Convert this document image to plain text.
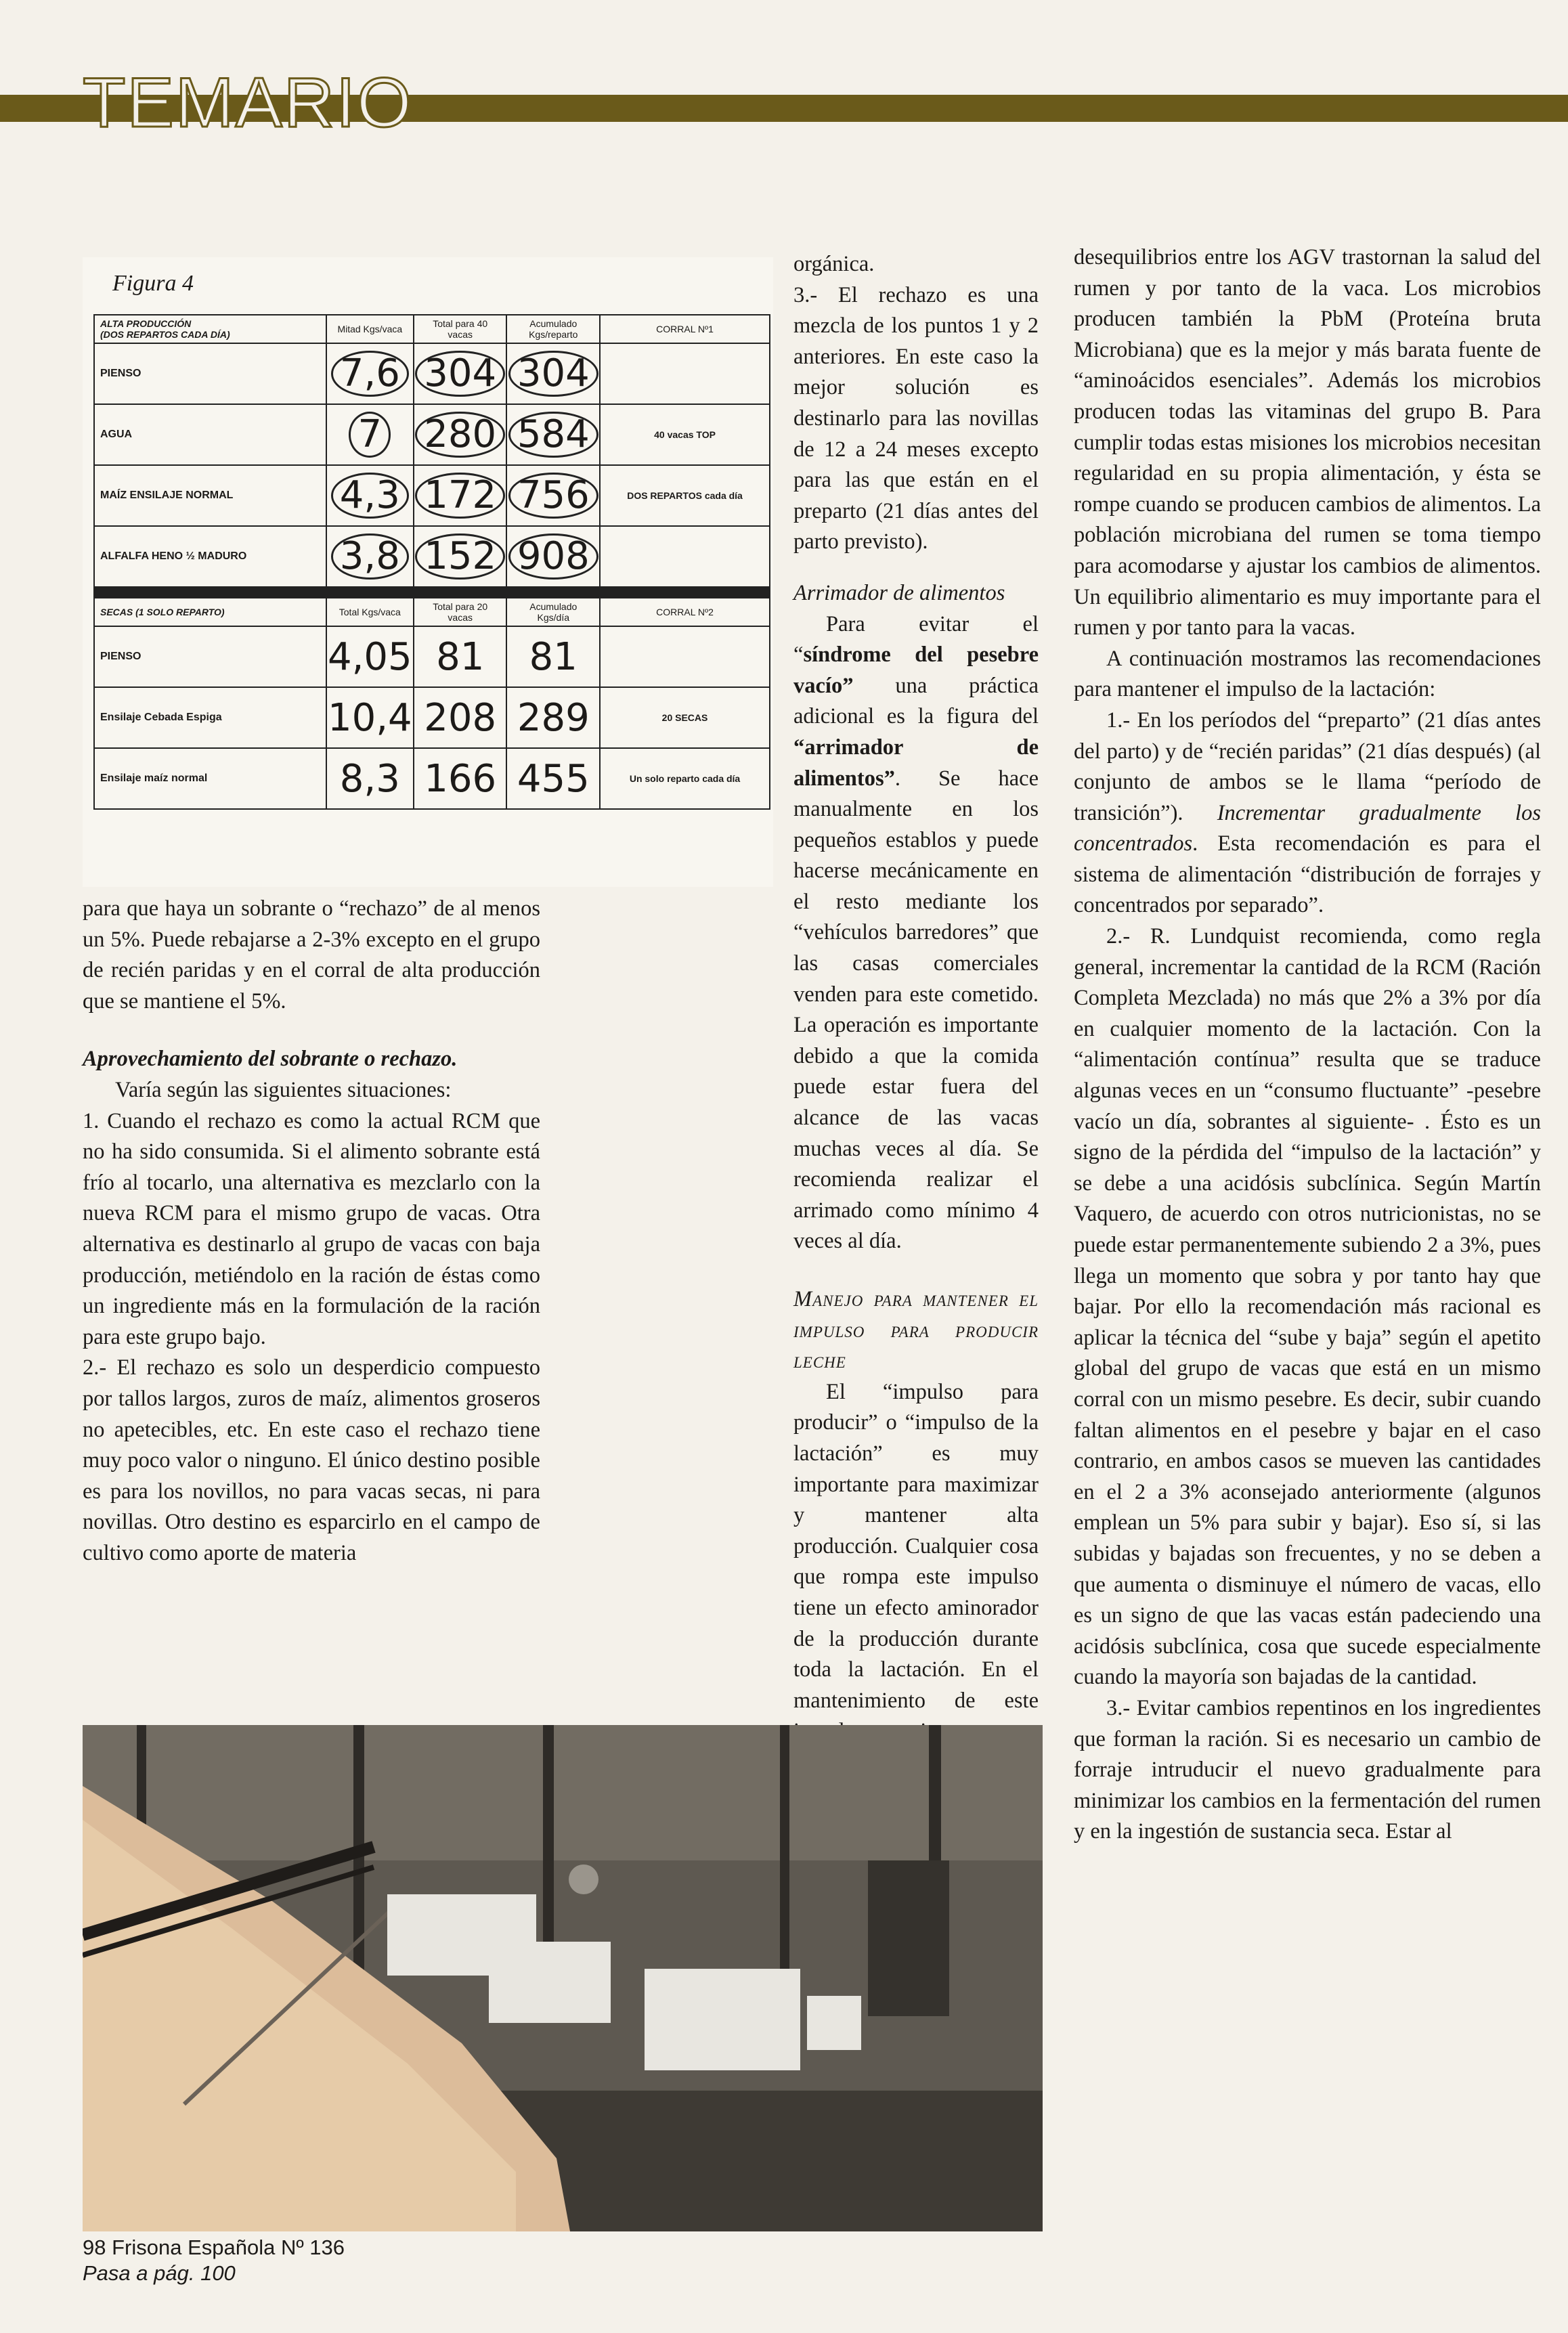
TEMARIO
Figura 4
ALTA PRODUCCIÓN
(DOS REPARTOS CADA DÍA)	Mitad Kgs/vaca	Total para 40 vacas	Acumulado Kgs/reparto	CORRAL Nº1
PIENSO	7,6	304	304	
AGUA	7	280	584	40 vacas TOP
MAÍZ ENSILAJE NORMAL	4,3	172	756	DOS REPARTOS cada día
ALFALFA HENO ½ MADURO	3,8	152	908	

SECAS (1 SOLO REPARTO)	Total Kgs/vaca	Total para 20 vacas	Acumulado Kgs/día	CORRAL Nº2
PIENSO	4,05	81	81	
Ensilaje Cebada Espiga	10,4	208	289	20 SECAS
Ensilaje maíz normal	8,3	166	455	Un solo reparto cada día

para que haya un sobrante o “rechazo” de al menos un 5%. Puede rebajarse a 2-3% excepto en el grupo de recién paridas y en el corral de alta producción que se mantiene el 5%.

Aprovechamiento del sobrante o rechazo.

Varía según las siguientes situaciones:

1. Cuando el rechazo es como la actual RCM que no ha sido consumida. Si el alimento sobrante está frío al tocarlo, una alternativa es mezclarlo con la nueva RCM para el mismo grupo de vacas. Otra alternativa es destinarlo al grupo de vacas con baja producción, metiéndolo en la ración de éstas como un ingrediente más en la formulación de la ración para este grupo bajo.

2.- El rechazo es solo un desperdicio compuesto por tallos largos, zuros de maíz, alimentos groseros no apetecibles, etc. En este caso el rechazo tiene muy poco valor o ninguno. El único destino posible es para los novillos, no para vacas secas, ni para novillas. Otro destino es esparcirlo en el campo de cultivo como aporte de materia

orgánica.

3.- El rechazo es una mezcla de los puntos 1 y 2 anteriores. En este caso la mejor solución es destinarlo para las novillas de 12 a 24 meses excepto para las que están en el preparto (21 días antes del parto previsto).

Arrimador de alimentos

Para evitar el “síndrome del pesebre vacío” una práctica adicional es la figura del “arrimador de alimentos”. Se hace manualmente en los pequeños establos y puede hacerse mecánicamente en el resto mediante los “vehículos barredores” que las casas comerciales venden para este cometido. La operación es importante debido a que la comida puede estar fuera del alcance de las vacas muchas veces al día. Se recomienda realizar el arrimado como mínimo 4 veces al día.

Manejo para mantener el impulso para producir leche

El “impulso para producir” o “impulso de la lactación” es muy importante para maximizar y mantener alta producción. Cualquier cosa que rompa este impulso tiene un efecto aminorador de la producción durante toda la lactación. En el mantenimiento de este

desequilibrios entre los AGV trastornan la salud del rumen y por tanto de la vaca. Los microbios producen también la PbM (Proteína bruta Microbiana) que es la mejor y más barata fuente de “aminoácidos esenciales”. Además los microbios producen todas las vitaminas del grupo B. Para cumplir todas estas misiones los microbios necesitan regularidad en su propia alimentación, y ésta se rompe cuando se producen cambios de alimentos. La población microbiana del rumen se toma tiempo para acomodarse y ajustar los cambios de alimentos. Un equilibrio alimentario es muy importante para el rumen y por tanto para la vacas.

A continuación mostramos las recomendaciones para mantener el impulso de la lactación:

1.- En los períodos del “preparto” (21 días antes del parto) y de “recién paridas” (21 días después) (al conjunto de ambos se le llama “período de transición”). Incrementar gradualmente los concentrados. Esta recomendación es para el sistema de alimentación “distribución de forrajes y concentrados por separado”.

2.- R. Lundquist recomienda, como regla general, incrementar la cantidad de la RCM (Ración Completa Mezclada) no más que 2% a 3% por día en cualquier momento de la lactación. Con la “alimentación contínua” resulta que se traduce algunas veces en un “consumo fluctuante” -pesebre vacío un día, sobrantes al siguiente- . Ésto es un signo de la pérdida del “impulso de la lactación” y se debe a una acidósis subclínica. Según Martín Vaquero, de acuerdo con otros nutricionistas, no se puede estar permanentemente subiendo 2 a 3%, pues llega un momento que sobra y por tanto hay que bajar. Por ello la recomendación más racional es aplicar la técnica del “sube y baja” según el apetito global del grupo de vacas que está en un mismo corral con un mismo pesebre. Es decir, subir cuando faltan alimentos en el pesebre y bajar en el caso contrario, en ambos casos se mueven las cantidades en el 2 a 3% aconsejado anteriormente (algunos emplean un 5% para subir y bajar). Eso sí, si las subidas y bajadas son frecuentes, y no se deben a que aumenta o disminuye el número de vacas, ello es un signo de que las vacas están padeciendo una acidósis subclínica, cosa que sucede especialmente cuando la mayoría son bajadas de la cantidad.

3.- Evitar cambios repentinos en los ingredientes que forman la ración. Si es necesario un cambio de forraje intruducir el nuevo gradualmente para minimizar los cambios en la fermentación del rumen y en la ingestión de sustancia seca. Estar al

98 Frisona Española Nº 136
Pasa a pág. 100
